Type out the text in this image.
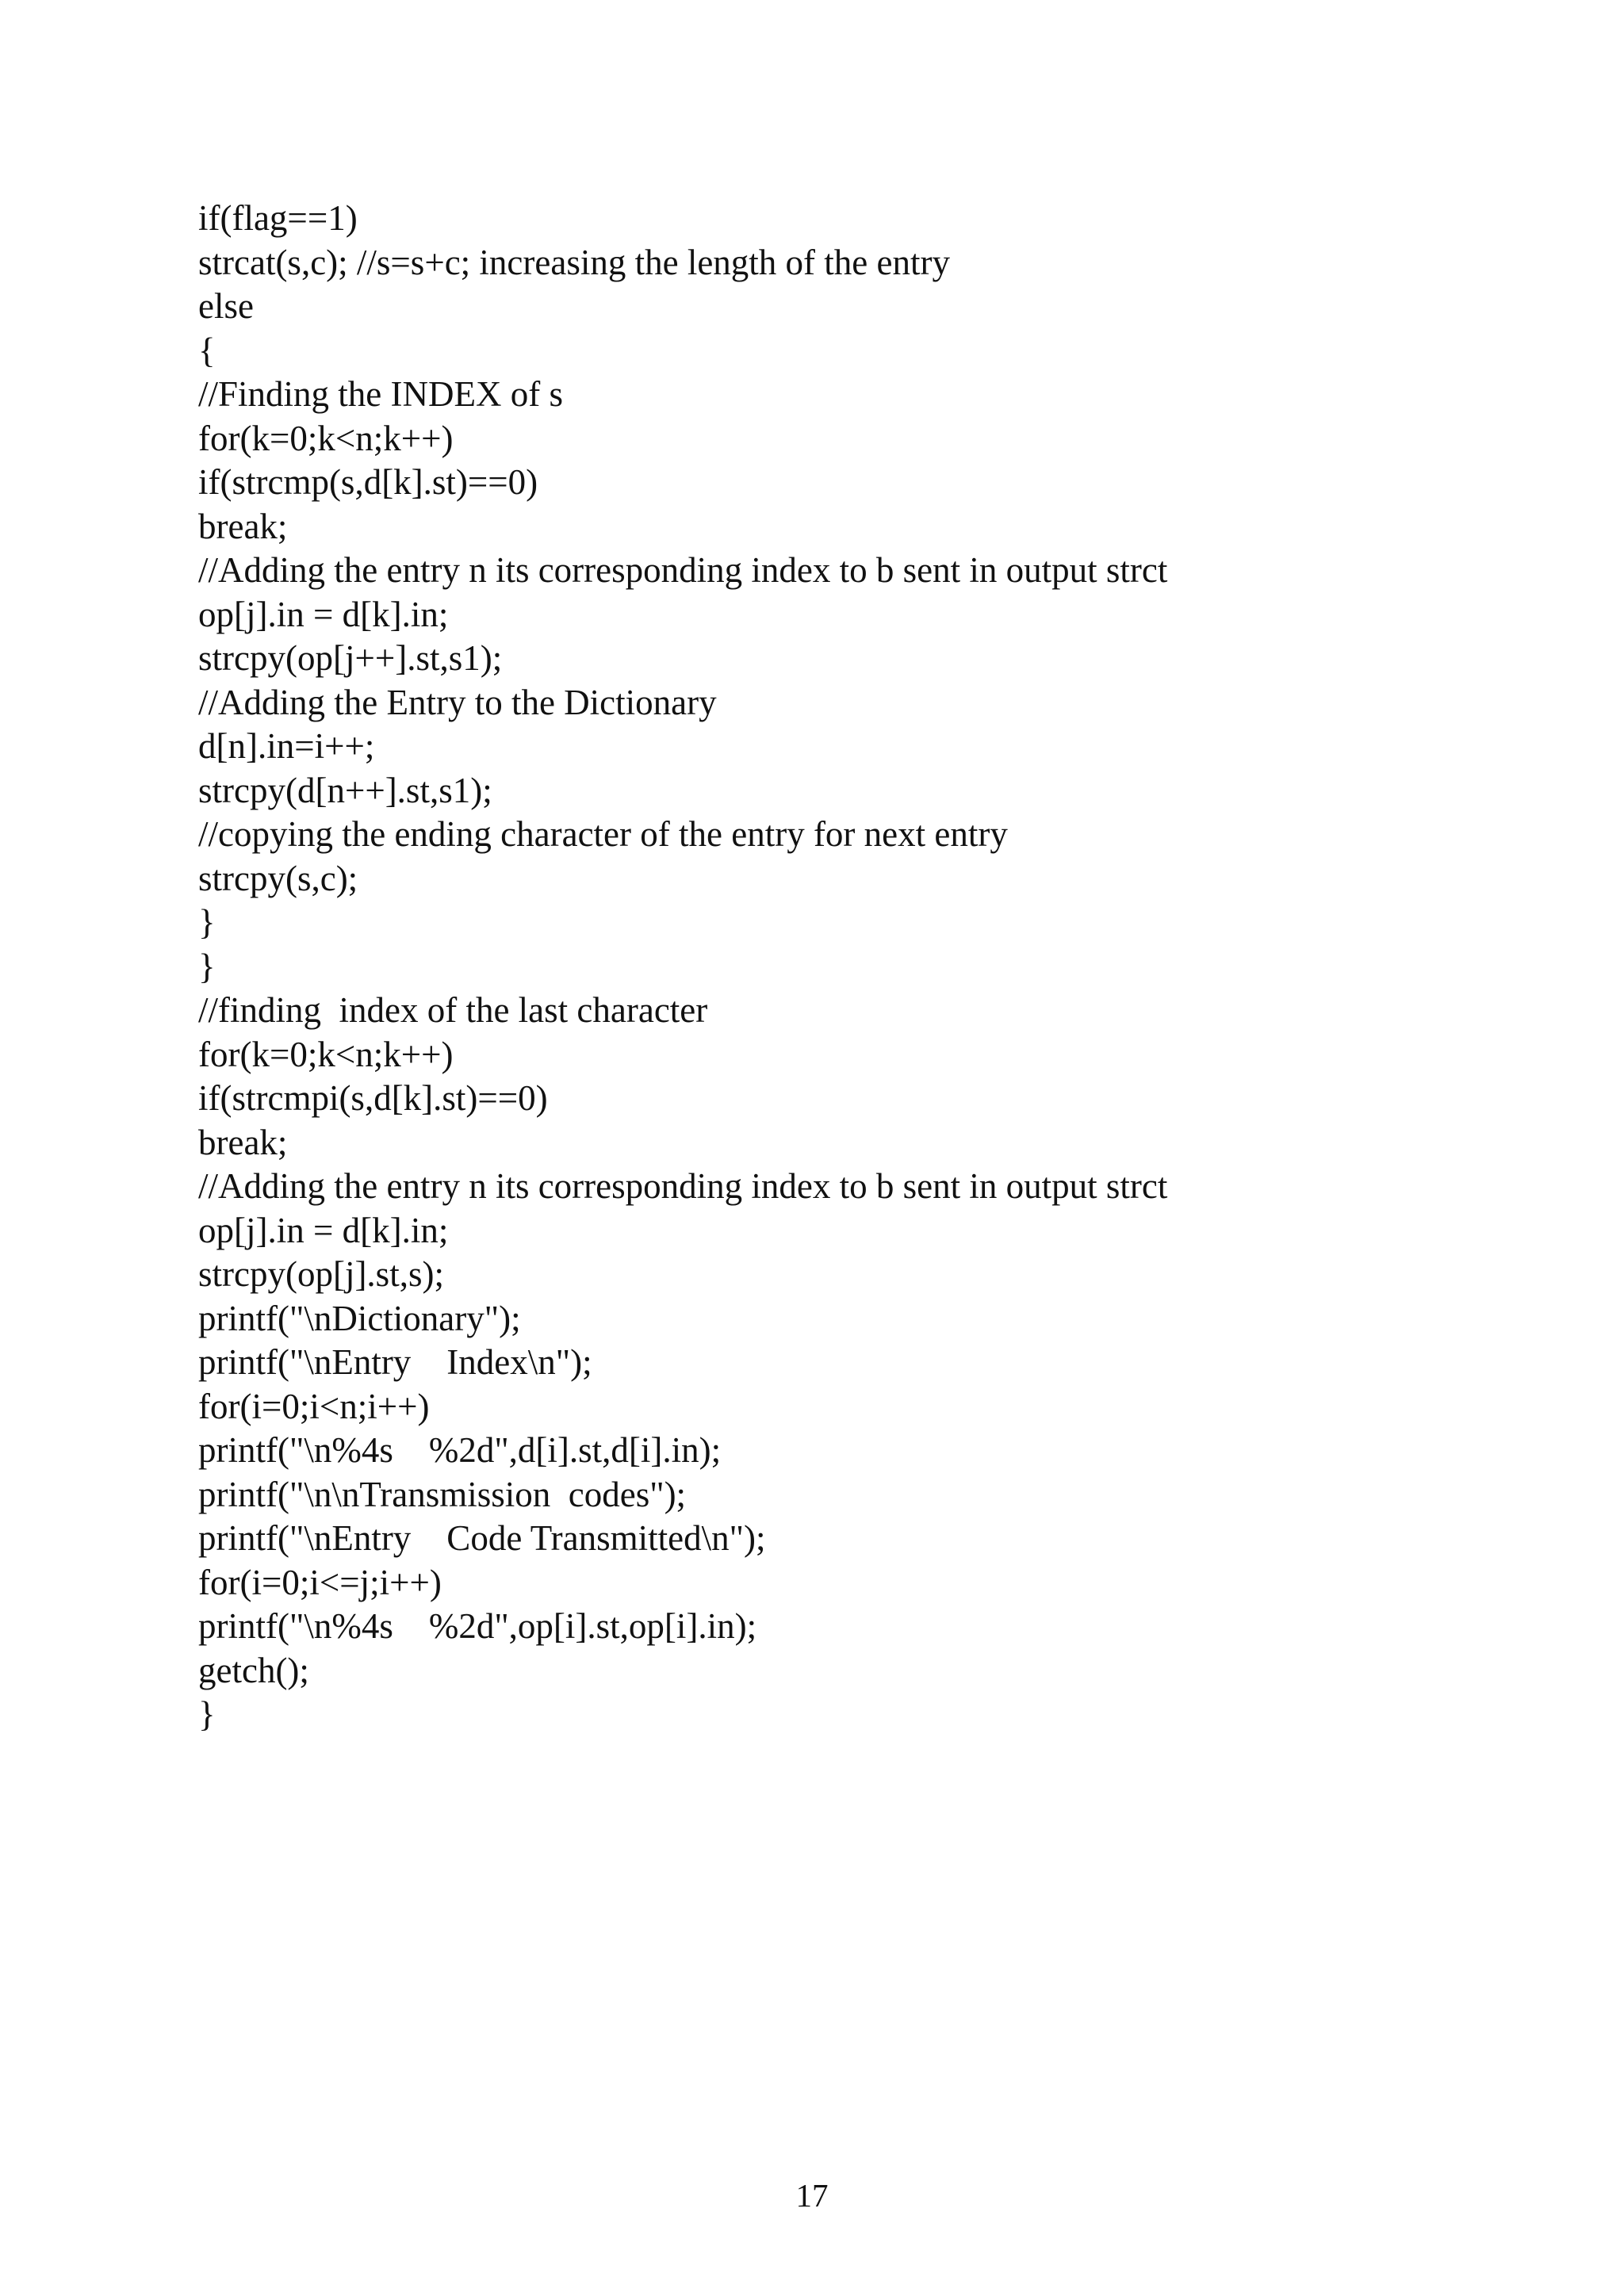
if(flag==1)
strcat(s,c); //s=s+c; increasing the length of the entry
else
{
//Finding the INDEX of s
for(k=0;k<n;k++)
if(strcmp(s,d[k].st)==0)
break;
//Adding the entry n its corresponding index to b sent in output strct
op[j].in = d[k].in;
strcpy(op[j++].st,s1);
//Adding the Entry to the Dictionary
d[n].in=i++;
strcpy(d[n++].st,s1);
//copying the ending character of the entry for next entry
strcpy(s,c);
}
}
//finding  index of the last character
for(k=0;k<n;k++)
if(strcmpi(s,d[k].st)==0)
break;
//Adding the entry n its corresponding index to b sent in output strct
op[j].in = d[k].in;
strcpy(op[j].st,s);
printf("\nDictionary");
printf("\nEntry    Index\n");
for(i=0;i<n;i++)
printf("\n%4s    %2d",d[i].st,d[i].in);
printf("\n\nTransmission  codes");
printf("\nEntry    Code Transmitted\n");
for(i=0;i<=j;i++)
printf("\n%4s    %2d",op[i].st,op[i].in);
getch();
}
17
